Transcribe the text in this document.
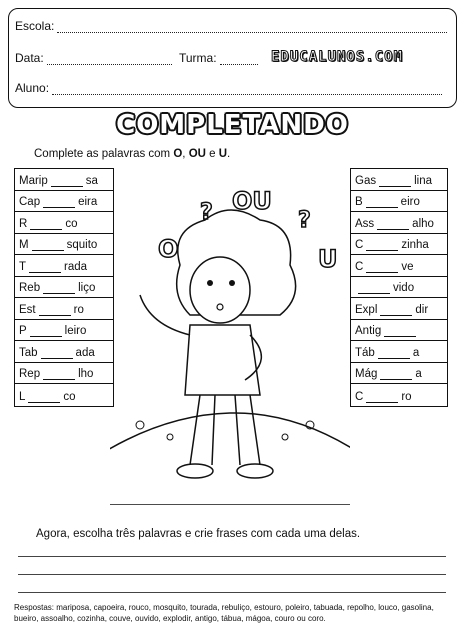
Escola:
Data:	Turma:	EDUCALUNOS.COM
Aluno:
COMPLETANDO
Complete as palavras com O, OU e U.
Marip	sa
Cap	eira
R	co
M	squito
T	rada
Reb	liço
Est	ro
P	leiro
Tab	ada
Rep	lho
L	co
Gas	lina
B	eiro
Ass	alho
C	zinha
C	ve
vido
Expl	dir
Antig
Táb	a
Mág	a
C	ro
O
? OU
?
U
Agora, escolha três palavras e crie frases com cada uma delas.
Respostas: mariposa, capoeira, rouco, mosquito, tourada, rebuliço, estouro, poleiro, tabuada, repolho, louco, gasolina, bueiro, assoalho, cozinha, couve, ouvido, explodir, antigo, tábua, mágoa, couro ou coro.
